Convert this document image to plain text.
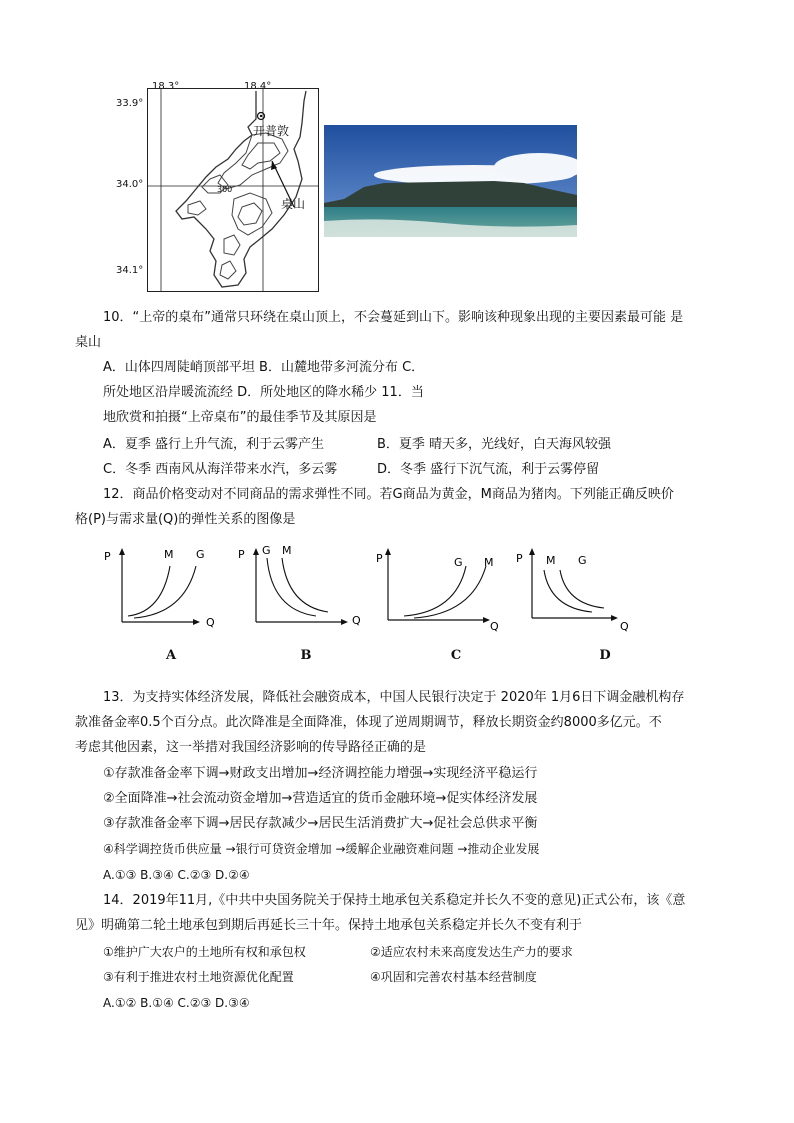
18.3°	18.4°
33.9°
34.0°
34.1°
开普敦
桌山
300
10．“上帝的桌布”通常只环绕在桌山顶上，不会蔓延到山下。影响该种现象出现的主要因素最可能 是
桌山
A．山体四周陡峭顶部平坦 B．山麓地带多河流分布 C．
所处地区沿岸暖流流经 D．所处地区的降水稀少 11．当
地欣赏和拍摄“上帝桌布”的最佳季节及其原因是
A．夏季 盛行上升气流，利于云雾产生	B．夏季 晴天多，光线好，白天海风较强
C．冬季 西南风从海洋带来水汽，多云雾	D．冬季 盛行下沉气流，利于云雾停留
12．商品价格变动对不同商品的需求弹性不同。若G商品为黄金，M商品为猪肉。下列能正确反映价
格(P)与需求量(Q)的弹性关系的图像是
P
Q
M G	P
Q
G M
P
Q
G M P
Q
M G
A	B	C	D
13．为支持实体经济发展，降低社会融资成本，中国人民银行决定于 2020年 1月6日下调金融机构存
款准备金率0.5个百分点。此次降准是全面降准，体现了逆周期调节，释放长期资金约8000多亿元。不
考虑其他因素，这一举措对我国经济影响的传导路径正确的是
①存款准备金率下调→财政支出增加→经济调控能力增强→实现经济平稳运行
②全面降准→社会流动资金增加→营造适宜的货币金融环境→促实体经济发展
③存款准备金率下调→居民存款减少→居民生活消费扩大→促社会总供求平衡
④科学调控货币供应量 →银行可贷资金增加 →缓解企业融资难问题 →推动企业发展
A.①③ B.③④ C.②③ D.②④
14．2019年11月,《中共中央国务院关于保持土地承包关系稳定并长久不变的意见)正式公布，该《意
见》明确第二轮土地承包到期后再延长三十年。保持土地承包关系稳定并长久不变有利于
①维护广大农户的土地所有权和承包权	②适应农村未来高度发达生产力的要求
③有利于推进农村土地资源优化配置	④巩固和完善农村基本经营制度
A.①② B.①④ C.②③ D.③④
